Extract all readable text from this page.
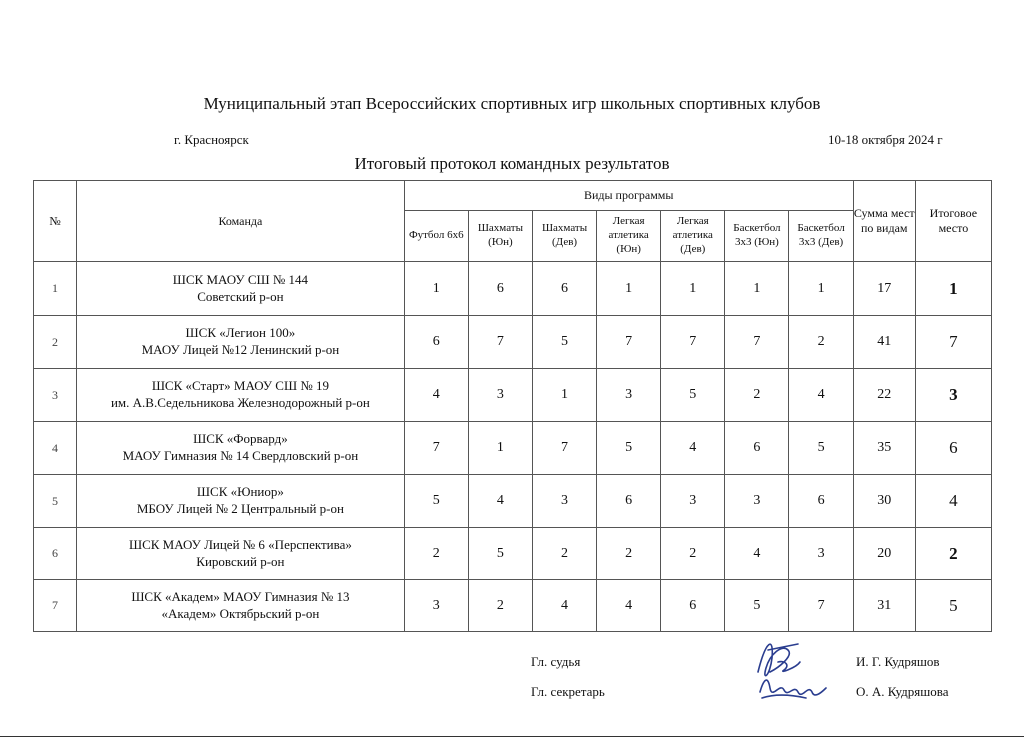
Муниципальный этап Всероссийских спортивных игр школьных спортивных клубов
г. Красноярск	10-18 октября 2024 г
Итоговый протокол командных результатов
№	Команда	Виды программы							Сумма мест по видам	Итоговое место
		Футбол 6х6	Шахматы (Юн)	Шахматы (Дев)	Легкая атлетика (Юн)	Легкая атлетика (Дев)	Баскетбол 3х3 (Юн)	Баскетбол 3х3 (Дев)		
1	ШСК МАОУ СШ № 144
Советский р-он	1	6	6	1	1	1	1	17	1
2	ШСК «Легион 100»
МАОУ Лицей №12 Ленинский р-он	6	7	5	7	7	7	2	41	7
3	ШСК «Старт» МАОУ СШ № 19
им. А.В.Седельникова Железнодорожный р-он	4	3	1	3	5	2	4	22	3
4	ШСК «Форвард»
МАОУ Гимназия № 14 Свердловский р-он	7	1	7	5	4	6	5	35	6
5	ШСК «Юниор»
МБОУ Лицей № 2 Центральный р-он	5	4	3	6	3	3	6	30	4
6	ШСК МАОУ Лицей № 6 «Перспектива»
Кировский р-он	2	5	2	2	2	4	3	20	2
7	ШСК «Академ» МАОУ Гимназия № 13
«Академ» Октябрьский р-он	3	2	4	4	6	5	7	31	5
Гл. судья
Гл. секретарь
И. Г. Кудряшов
О. А. Кудряшова
